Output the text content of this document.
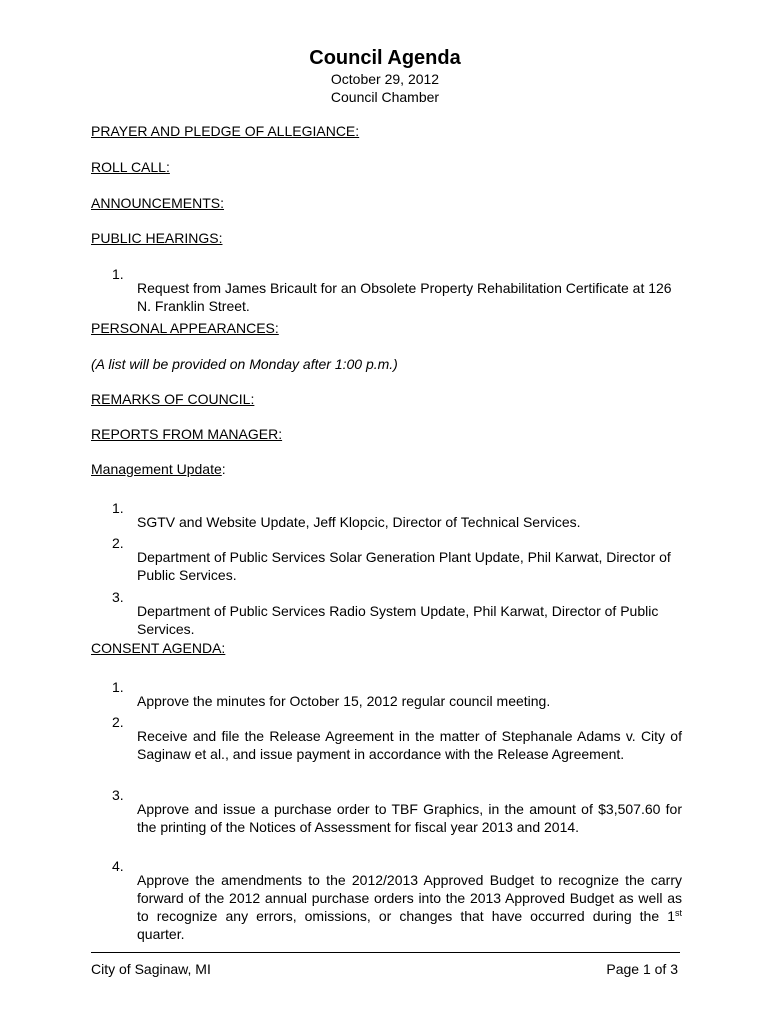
Council Agenda

October 29, 2012

Council Chamber

PRAYER AND PLEDGE OF ALLEGIANCE:

ROLL CALL:

ANNOUNCEMENTS:

PUBLIC HEARINGS:

1.

Request from James Bricault for an Obsolete Property Rehabilitation Certificate at 126 N. Franklin Street.

PERSONAL APPEARANCES:

(A list will be provided on Monday after 1:00 p.m.)

REMARKS OF COUNCIL:

REPORTS FROM MANAGER:

Management Update:

1.

SGTV and Website Update, Jeff Klopcic, Director of Technical Services.

2.

Department of Public Services Solar Generation Plant Update, Phil Karwat, Director of Public Services.

3.

Department of Public Services Radio System Update, Phil Karwat, Director of Public Services.

CONSENT AGENDA:

1.

Approve the minutes for October 15, 2012 regular council meeting.

2.

Receive and file the Release Agreement in the matter of Stephanale Adams v. City of Saginaw et al., and issue payment in accordance with the Release Agreement.

3.

Approve and issue a purchase order to TBF Graphics, in the amount of $3,507.60 for the printing of the Notices of Assessment for fiscal year 2013 and 2014.

4.

Approve the amendments to the 2012/2013 Approved Budget to recognize the carry forward of the 2012 annual purchase orders into the 2013 Approved Budget as well as to recognize any errors, omissions, or changes that have occurred during the 1st quarter.

City of Saginaw, MI	Page 1 of 3
